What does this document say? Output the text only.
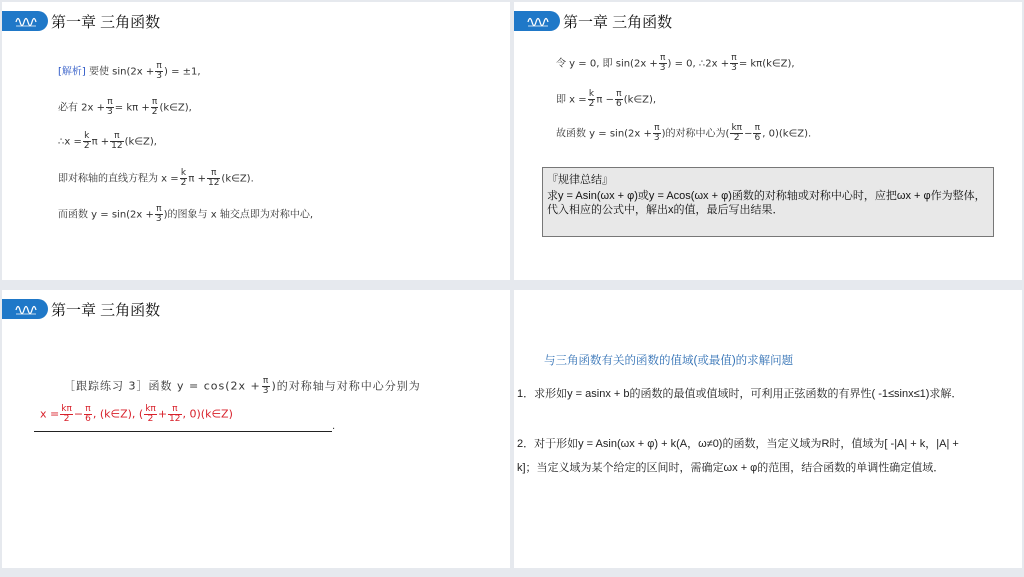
第一章 三角函数
[解析] 要使 $\sin(2x + \frac{\pi}{3}$ ) = ±1,
必有 $2x + \frac{\pi}{3} = k\pi + \frac{\pi}{2}$ (k∈Z),
∴x = $\frac{k}{2}$ $\pi + \frac{\pi}{12}$ (k∈Z),
即对称轴的直线方程为 $x = \frac{k}{2}$ $\pi + \frac{\pi}{12}$ (k∈Z).
而函数 $y = \sin(2x + \frac{\pi}{3}$ )的图象与 x 轴交点即为对称中心,
第一章 三角函数
令 y = 0, 即 $\sin(2x + \frac{\pi}{3}$ ) = 0, ∴2x + $\frac{\pi}{3}$ = kπ(k∈Z),
即 $x = \frac{k}{2}$ $\pi - \frac{\pi}{6}$ (k∈Z),
故函数 $y = \sin(2x + \frac{\pi}{3}$ )的对称中心为( $\frac{k\pi}{2} - \frac{\pi}{6}$ , 0)(k∈Z).
『规律总结』
求y = Asin(ωx + φ)或y = Acos(ωx + φ)函数的对称轴或对称中心时，应把ωx + φ作为整体，代入相应的公式中，解出x的值，最后写出结果．
第一章 三角函数
［跟踪练习 3］函数 $y = \cos(2x + \frac{\pi}{3}$ )的对称轴与对称中心分别为
$x = \frac{k\pi}{2} - \frac{\pi}{6}$ , (k∈Z), ( $\frac{k\pi}{2} + \frac{\pi}{12}$ , 0)(k∈Z)
.
与三角函数有关的函数的值域(或最值)的求解问题
1．求形如y = asinx + b的函数的最值或值域时，可利用正弦函数的有界性( -1≤sinx≤1)求解．
2．对于形如y = Asin(ωx + φ) + k(A，ω≠0)的函数，当定义域为R时，值域为[ -|A| + k，|A| + k]；当定义域为某个给定的区间时，需确定ωx + φ的范围，结合函数的单调性确定值域．
